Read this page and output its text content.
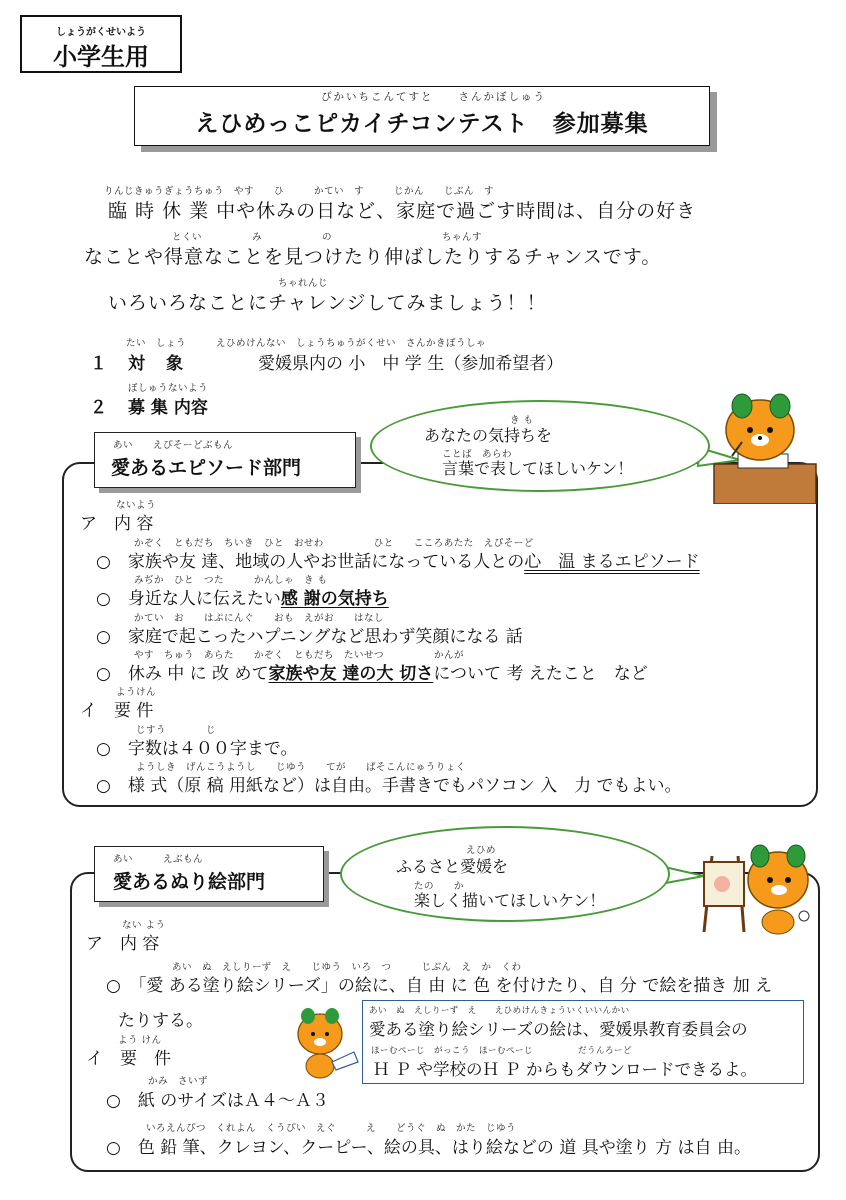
しょうがくせいよう
小学生用
ぴかいちこんてすと　　さんかぼしゅう
えひめっこピカイチコンテスト　参加募集
りんじきゅうぎょうちゅう　やす　　ひ　　　かてい　す　　　じかん　　じぶん　す
臨 時 休 業 中や休みの日など、家庭で過ごす時間は、自分の好き
とくい　　　　　み　　　　　　の　　　　　　　　　　　ちゃんす
なことや得意なことを見つけたり伸ばしたりするチャンスです。
ちゃれんじ
いろいろなことにチャレンジしてみましょう！！
たい　しょう　　　えひめけんない　しょうちゅうがくせい　さんかきぼうしゃ
１ 対　象	愛媛県内の 小　中 学 生（参加希望者）
ぼしゅうないよう
２ 募 集 内容
あい　　えぴそーどぶもん
愛あるエピソード部門
き も
あなたの気持ちを
ことば　あらわ
言葉で表してほしいケン！
ないよう
ア　内 容
かぞく　ともだち　ちいき　ひと　おせわ　　　　　ひと　　こころあたた　えぴそーど
○　 家族や友 達、地域の人やお世話になっている人との心　温 まるエピソード
みぢか　ひと　つた　　　かんしゃ　き も
○　 身近な人に伝えたい感 謝の気持ち
かてい　お　　はぷにんぐ　　おも　えがお　　はなし
○　 家庭で起こったハプニングなど思わず笑顔になる 話
やす　ちゅう　あらた　　かぞく　ともだち　たいせつ　　　　　かんが
○　 休み 中 に 改 めて家族や友 達の大 切さについて 考 えたこと　など
ようけん
イ　要 件
じすう　　　　じ
○　 字数は４００字まで。
ようしき　げんこうようし　　じゆう　　てが　　ぱそこんにゅうりょく
○　 様 式（原 稿 用紙など）は自由。手書きでもパソコン 入　力 でもよい。
あい　　　えぶもん
愛あるぬり絵部門
えひめ
ふるさと愛媛を
たの　　か
楽しく描いてほしいケン！
ない よう
ア　内 容
あい　ぬ　えしりーず　え　　じゆう　いろ　つ　　　じぶん　え　か　くわ
○　 「愛 ある塗り絵シリーズ」の絵に、自 由 に 色 を付けたり、自 分 で絵を描き 加 え
たりする。	あい　ぬ　えしりーず　え　　えひめけんきょういくいいんかい
愛ある塗り絵シリーズの絵は、愛媛県教育委員会の
ほーむぺーじ　がっこう　ほーむぺーじ　　　　　だうんろーど
Ｈ Ｐ や学校のＨ Ｐ からもダウンロードできるよ。
よう けん
イ　要　件
かみ　さいず
○　 紙 のサイズはＡ４～Ａ３
いろえんぴつ　くれよん　くうぴい　えぐ　　　え　　どうぐ　ぬ　かた　じゆう
○　 色 鉛 筆、クレヨン、クーピー、絵の具、はり絵などの 道 具や塗り 方 は自 由。
